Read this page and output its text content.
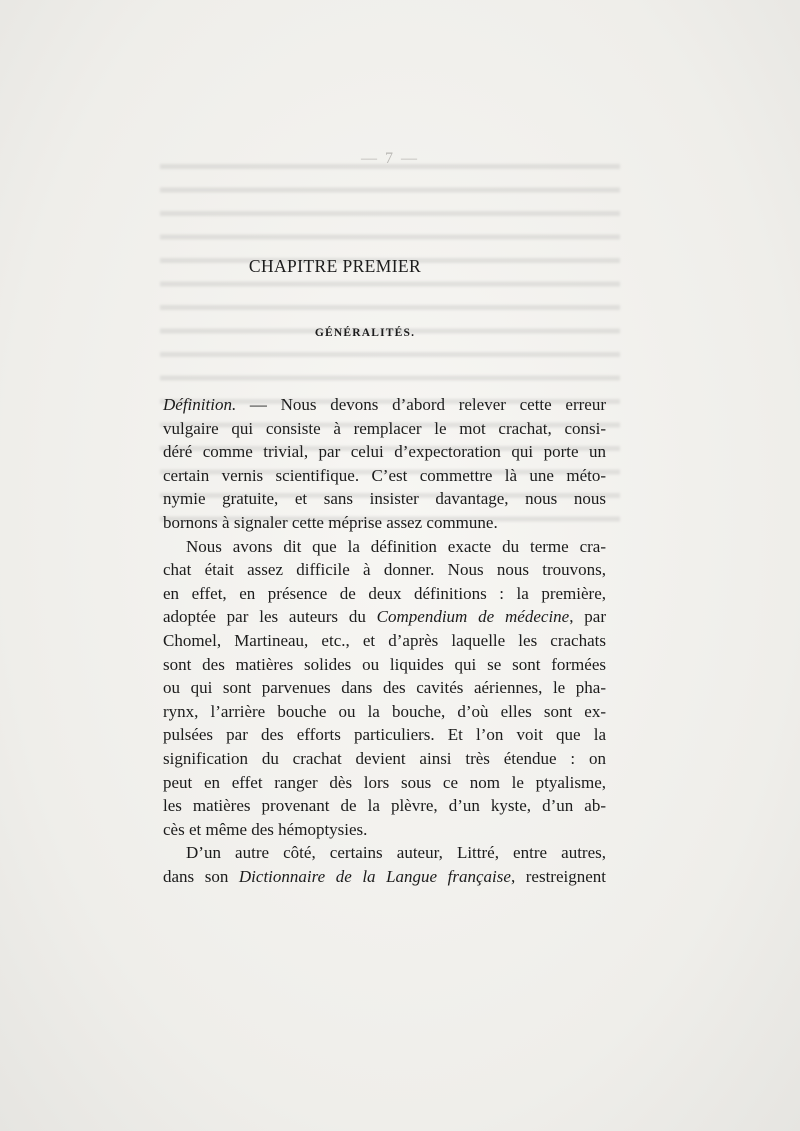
— 7 —
CHAPITRE PREMIER
GÉNÉRALITÉS.
Définition. — Nous devons d’abord relever cette erreur
vulgaire qui consiste à remplacer le mot crachat, consi-
déré comme trivial, par celui d’expectoration qui porte un
certain vernis scientifique. C’est commettre là une méto-
nymie gratuite, et sans insister davantage, nous nous
bornons à signaler cette méprise assez commune.
Nous avons dit que la définition exacte du terme cra-
chat était assez difficile à donner. Nous nous trouvons,
en effet, en présence de deux définitions : la première,
adoptée par les auteurs du Compendium de médecine, par
Chomel, Martineau, etc., et d’après laquelle les crachats
sont des matières solides ou liquides qui se sont formées
ou qui sont parvenues dans des cavités aériennes, le pha-
rynx, l’arrière bouche ou la bouche, d’où elles sont ex-
pulsées par des efforts particuliers. Et l’on voit que la
signification du crachat devient ainsi très étendue : on
peut en effet ranger dès lors sous ce nom le ptyalisme,
les matières provenant de la plèvre, d’un kyste, d’un ab-
cès et même des hémoptysies.
D’un autre côté, certains auteur, Littré, entre autres,
dans son Dictionnaire de la Langue française, restreignent
